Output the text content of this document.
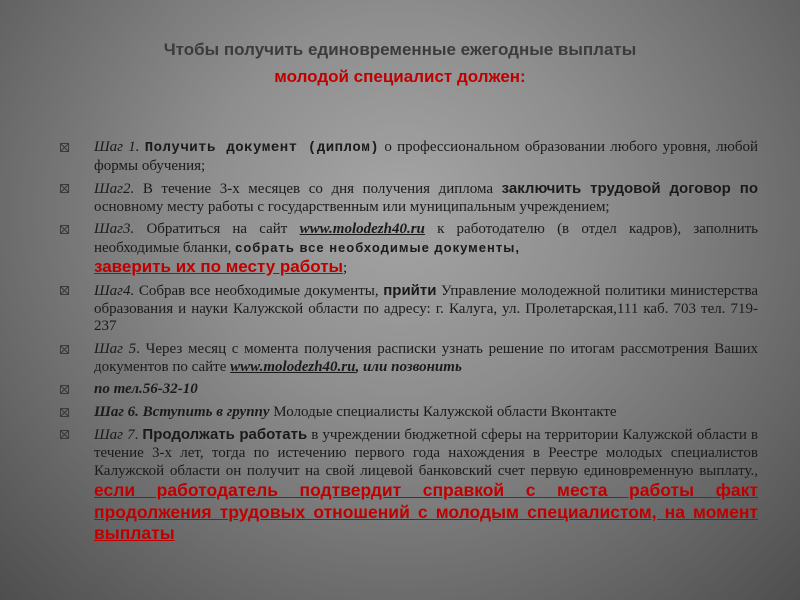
Чтобы получить единовременные ежегодные выплаты
молодой специалист должен:
Шаг 1. Получить документ (диплом) о профессиональном образовании любого уровня, любой формы обучения;
Шаг2. В течение 3-х месяцев со дня получения диплома заключить трудовой договор по основному месту работы с государственным или муниципальным учреждением;
Шаг3. Обратиться на сайт www.molodezh40.ru к работодателю (в отдел кадров), заполнить необходимые бланки, собрать все необходимые документы,
заверить их по месту работы;
Шаг4. Собрав все необходимые документы, прийти Управление молодежной политики министерства образования и науки Калужской области по адресу: г. Калуга, ул. Пролетарская,111 каб. 703 тел. 719-237
Шаг 5. Через месяц с момента получения расписки узнать решение по итогам рассмотрения Ваших документов по сайте www.molodezh40.ru, или позвонить
по тел.56-32-10
Шаг 6. Вступить в группу Молодые специалисты Калужской области Вконтакте
Шаг 7. Продолжать работать в учреждении бюджетной сферы на территории Калужской области в течение 3-х лет, тогда по истечению первого года нахождения в Реестре молодых специалистов Калужской области он получит на свой лицевой банковский счет первую единовременную выплату., если работодатель подтвердит справкой с места работы факт продолжения трудовых отношений с молодым специалистом, на момент выплаты
